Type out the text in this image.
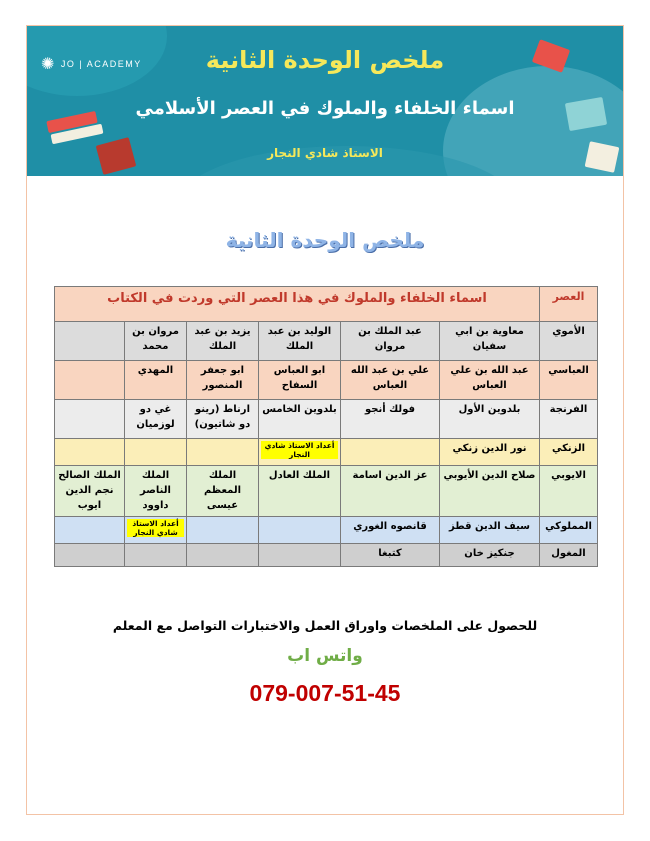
✺ JO | ACADEMY	ملخص الوحدة الثانية
اسماء الخلفاء والملوك في العصر الأسلامي
الاستاذ شادي النجار
ملخص الوحدة الثانية
العصر	اسماء الخلفاء والملوك في هذا العصر التي وردت في الكتاب					
الأموي	معاوية بن ابي سفيان	عبد الملك بن مروان	الوليد بن عبد الملك	يزيد بن عبد الملك	مروان بن محمد	
العباسي	عبد الله بن علي العباس	علي بن عبد الله العباس	ابو العباس السفاح	ابو جعفر المنصور	المهدي	
الفرنجة	بلدوين الأول	فولك أنجو	بلدوين الخامس	ارناط (رينو دو شاتيون)	غي دو لوزميان	
الزنكي	نور الدين زنكي		أعداد الاستاذ شادي النجار			
الايوبي	صلاح الدين الأيوبي	عز الدين اسامة	الملك العادل	الملك المعظم عيسى	الملك الناصر داوود	الملك الصالح نجم الدين ايوب
المملوكي	سيف الدين قطز	قانصوه الغوري			أعداد الاستاذ شادي النجار	
المغول	جنكيز خان	كتبغا				
للحصول على الملخصات واوراق العمل والاختبارات التواصل مع المعلم
واتس اب
079-007-51-45
